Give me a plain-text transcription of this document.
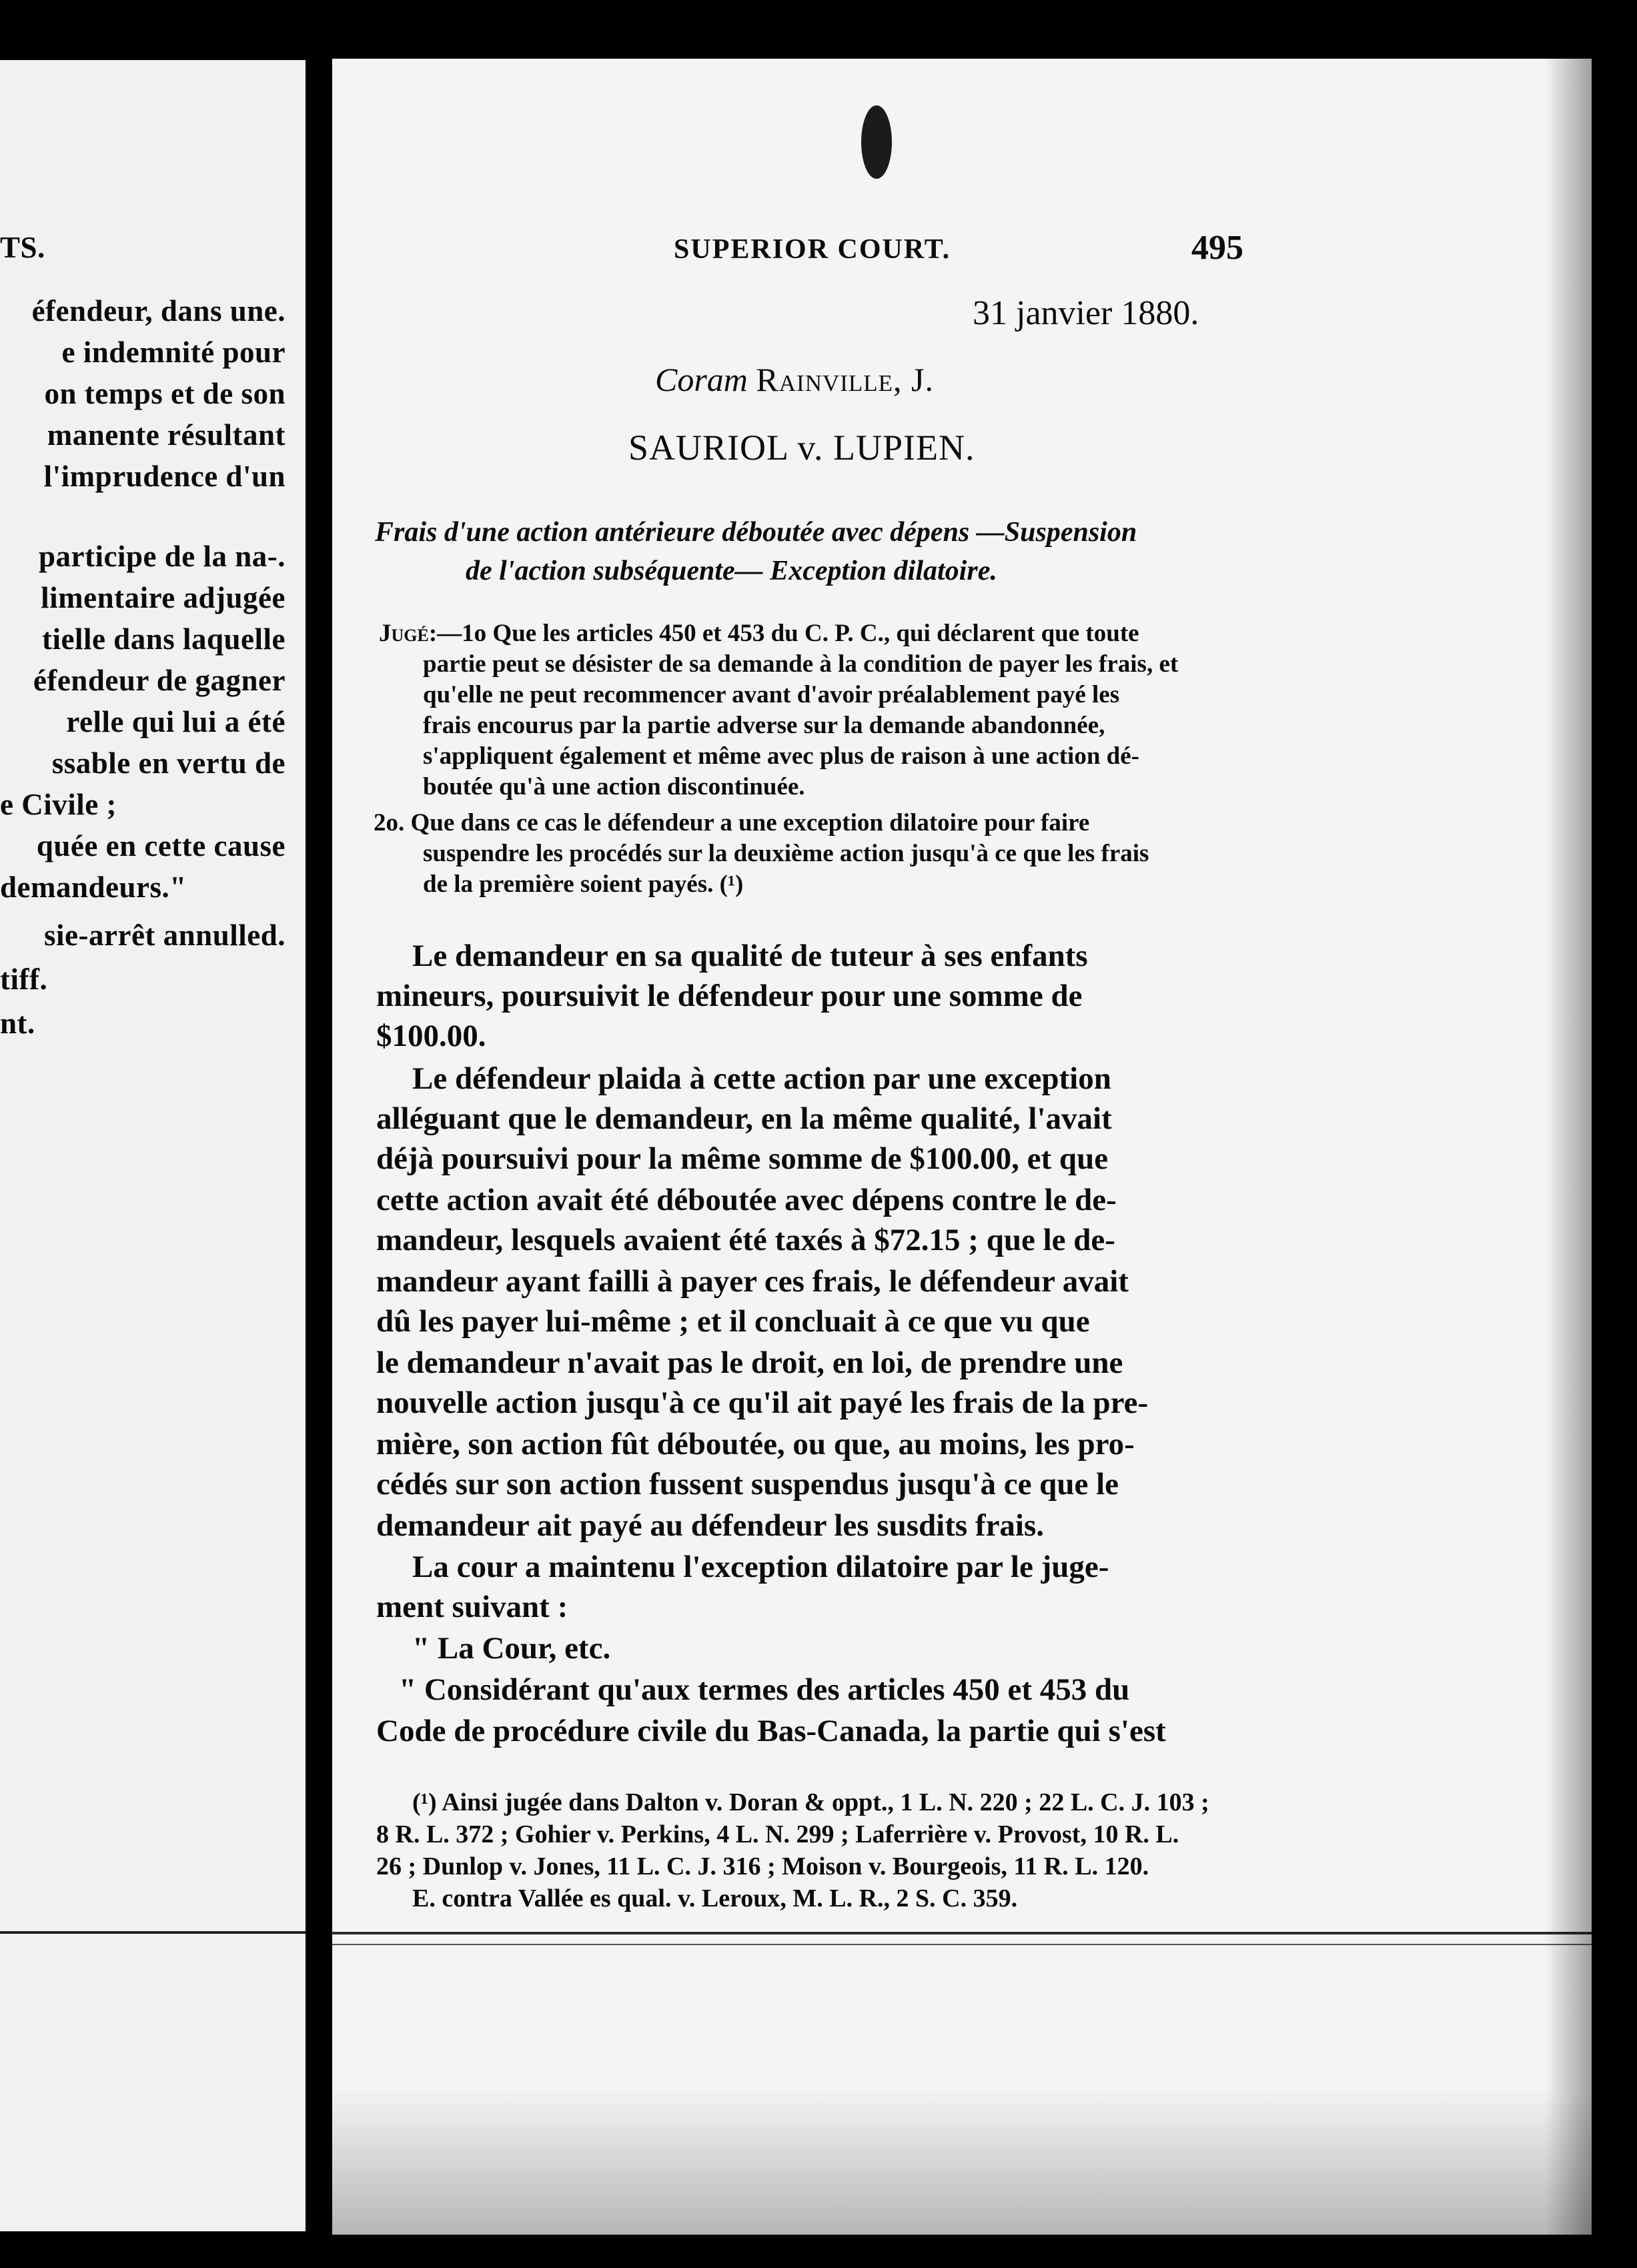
TS.
éfendeur, dans une.
e indemnité pour
on temps et de son
manente résultant
l'imprudence d'un
participe de la na-.
limentaire adjugée
tielle dans laquelle
éfendeur de gagner
relle qui lui a été
ssable en vertu de
e Civile ;
quée en cette cause
demandeurs."
sie-arrêt annulled.
tiff.
nt.
SUPERIOR COURT.	495
31 janvier 1880.
Coram Rainville, J.
SAURIOL v. LUPIEN.
Frais d'une action antérieure déboutée avec dépens —Suspension
de l'action subséquente— Exception dilatoire.
Jugé:—1o Que les articles 450 et 453 du C. P. C., qui déclarent que toute
partie peut se désister de sa demande à la condition de payer les frais, et
qu'elle ne peut recommencer avant d'avoir préalablement payé les
frais encourus par la partie adverse sur la demande abandonnée,
s'appliquent également et même avec plus de raison à une action dé-
boutée qu'à une action discontinuée.
2o. Que dans ce cas le défendeur a une exception dilatoire pour faire
suspendre les procédés sur la deuxième action jusqu'à ce que les frais
de la première soient payés. (¹)
Le demandeur en sa qualité de tuteur à ses enfants
mineurs, poursuivit le défendeur pour une somme de
$100.00.
Le défendeur plaida à cette action par une exception
alléguant que le demandeur, en la même qualité, l'avait
déjà poursuivi pour la même somme de $100.00, et que
cette action avait été déboutée avec dépens contre le de-
mandeur, lesquels avaient été taxés à $72.15 ; que le de-
mandeur ayant failli à payer ces frais, le défendeur avait
dû les payer lui-même ; et il concluait à ce que vu que
le demandeur n'avait pas le droit, en loi, de prendre une
nouvelle action jusqu'à ce qu'il ait payé les frais de la pre-
mière, son action fût déboutée, ou que, au moins, les pro-
cédés sur son action fussent suspendus jusqu'à ce que le
demandeur ait payé au défendeur les susdits frais.
La cour a maintenu l'exception dilatoire par le juge-
ment suivant :
" La Cour, etc.
" Considérant qu'aux termes des articles 450 et 453 du
Code de procédure civile du Bas-Canada, la partie qui s'est
(¹) Ainsi jugée dans Dalton v. Doran & oppt., 1 L. N. 220 ; 22 L. C. J. 103 ;
8 R. L. 372 ; Gohier v. Perkins, 4 L. N. 299 ; Laferrière v. Provost, 10 R. L.
26 ; Dunlop v. Jones, 11 L. C. J. 316 ; Moison v. Bourgeois, 11 R. L. 120.
E. contra Vallée es qual. v. Leroux, M. L. R., 2 S. C. 359.
